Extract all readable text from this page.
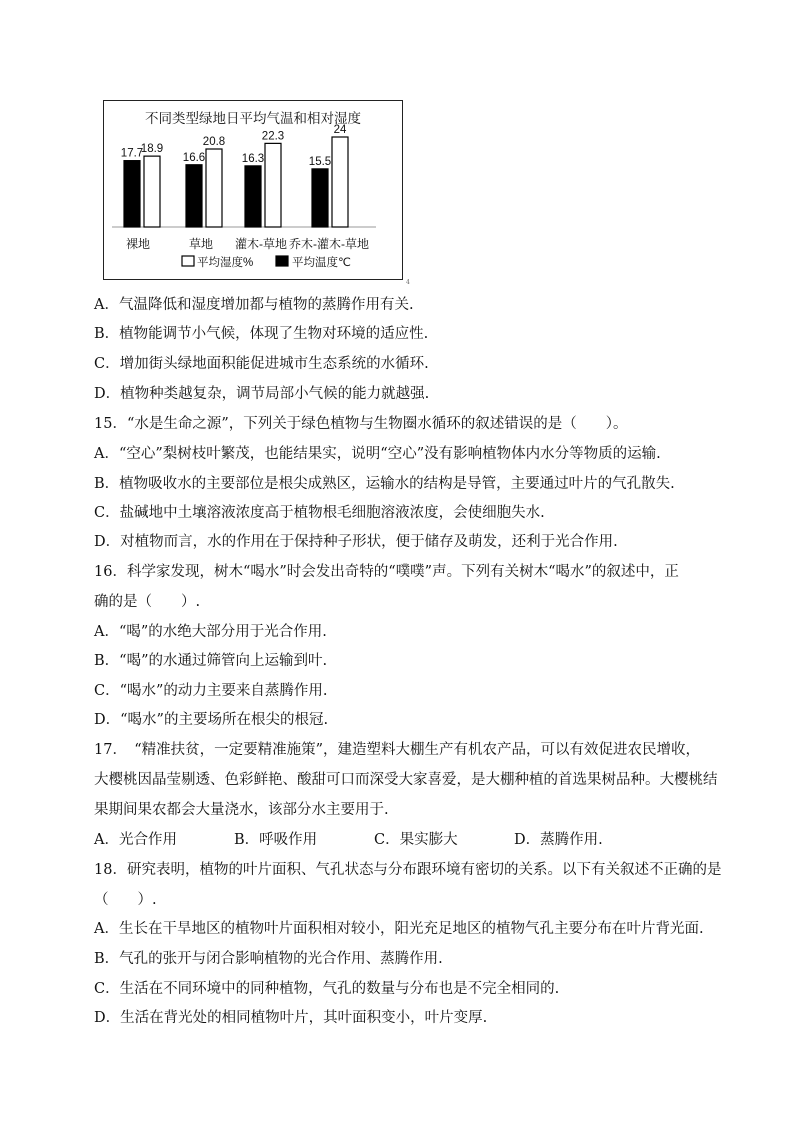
不同类型绿地日平均气温和相对湿度
17.7
18.9
裸地
16.6
20.8
草地
16.3
22.3
灌木-草地
15.5
24
乔木-灌木-草地
平均湿度%	平均温度℃
4
A．气温降低和湿度增加都与植物的蒸腾作用有关.
B．植物能调节小气候，体现了生物对环境的适应性.
C．增加街头绿地面积能促进城市生态系统的水循环.
D．植物种类越复杂，调节局部小气候的能力就越强.
15．“水是生命之源”，下列关于绿色植物与生物圈水循环的叙述错误的是（　　）。
A．“空心”梨树枝叶繁茂，也能结果实，说明“空心”没有影响植物体内水分等物质的运输.
B．植物吸收水的主要部位是根尖成熟区，运输水的结构是导管，主要通过叶片的气孔散失.
C．盐碱地中土壤溶液浓度高于植物根毛细胞溶液浓度，会使细胞失水.
D．对植物而言，水的作用在于保持种子形状，便于储存及萌发，还利于光合作用.
16．科学家发现，树木“喝水”时会发出奇特的“噗噗”声。下列有关树木“喝水”的叙述中，正
确的是（　　）.
A．“喝”的水绝大部分用于光合作用.
B．“喝”的水通过筛管向上运输到叶.
C．“喝水”的动力主要来自蒸腾作用.
D．“喝水”的主要场所在根尖的根冠.
17．　“精准扶贫，一定要精准施策”，建造塑料大棚生产有机农产品，可以有效促进农民增收，
大樱桃因晶莹剔透、色彩鲜艳、酸甜可口而深受大家喜爱，是大棚种植的首选果树品种。大樱桃结
果期间果农都会大量浇水，该部分水主要用于.
A．光合作用	B．呼吸作用	C．果实膨大	D．蒸腾作用.
18．研究表明，植物的叶片面积、气孔状态与分布跟环境有密切的关系。以下有关叙述不正确的是
（　　）.
A．生长在干旱地区的植物叶片面积相对较小，阳光充足地区的植物气孔主要分布在叶片背光面.
B．气孔的张开与闭合影响植物的光合作用、蒸腾作用.
C．生活在不同环境中的同种植物，气孔的数量与分布也是不完全相同的.
D．生活在背光处的相同植物叶片，其叶面积变小，叶片变厚.
